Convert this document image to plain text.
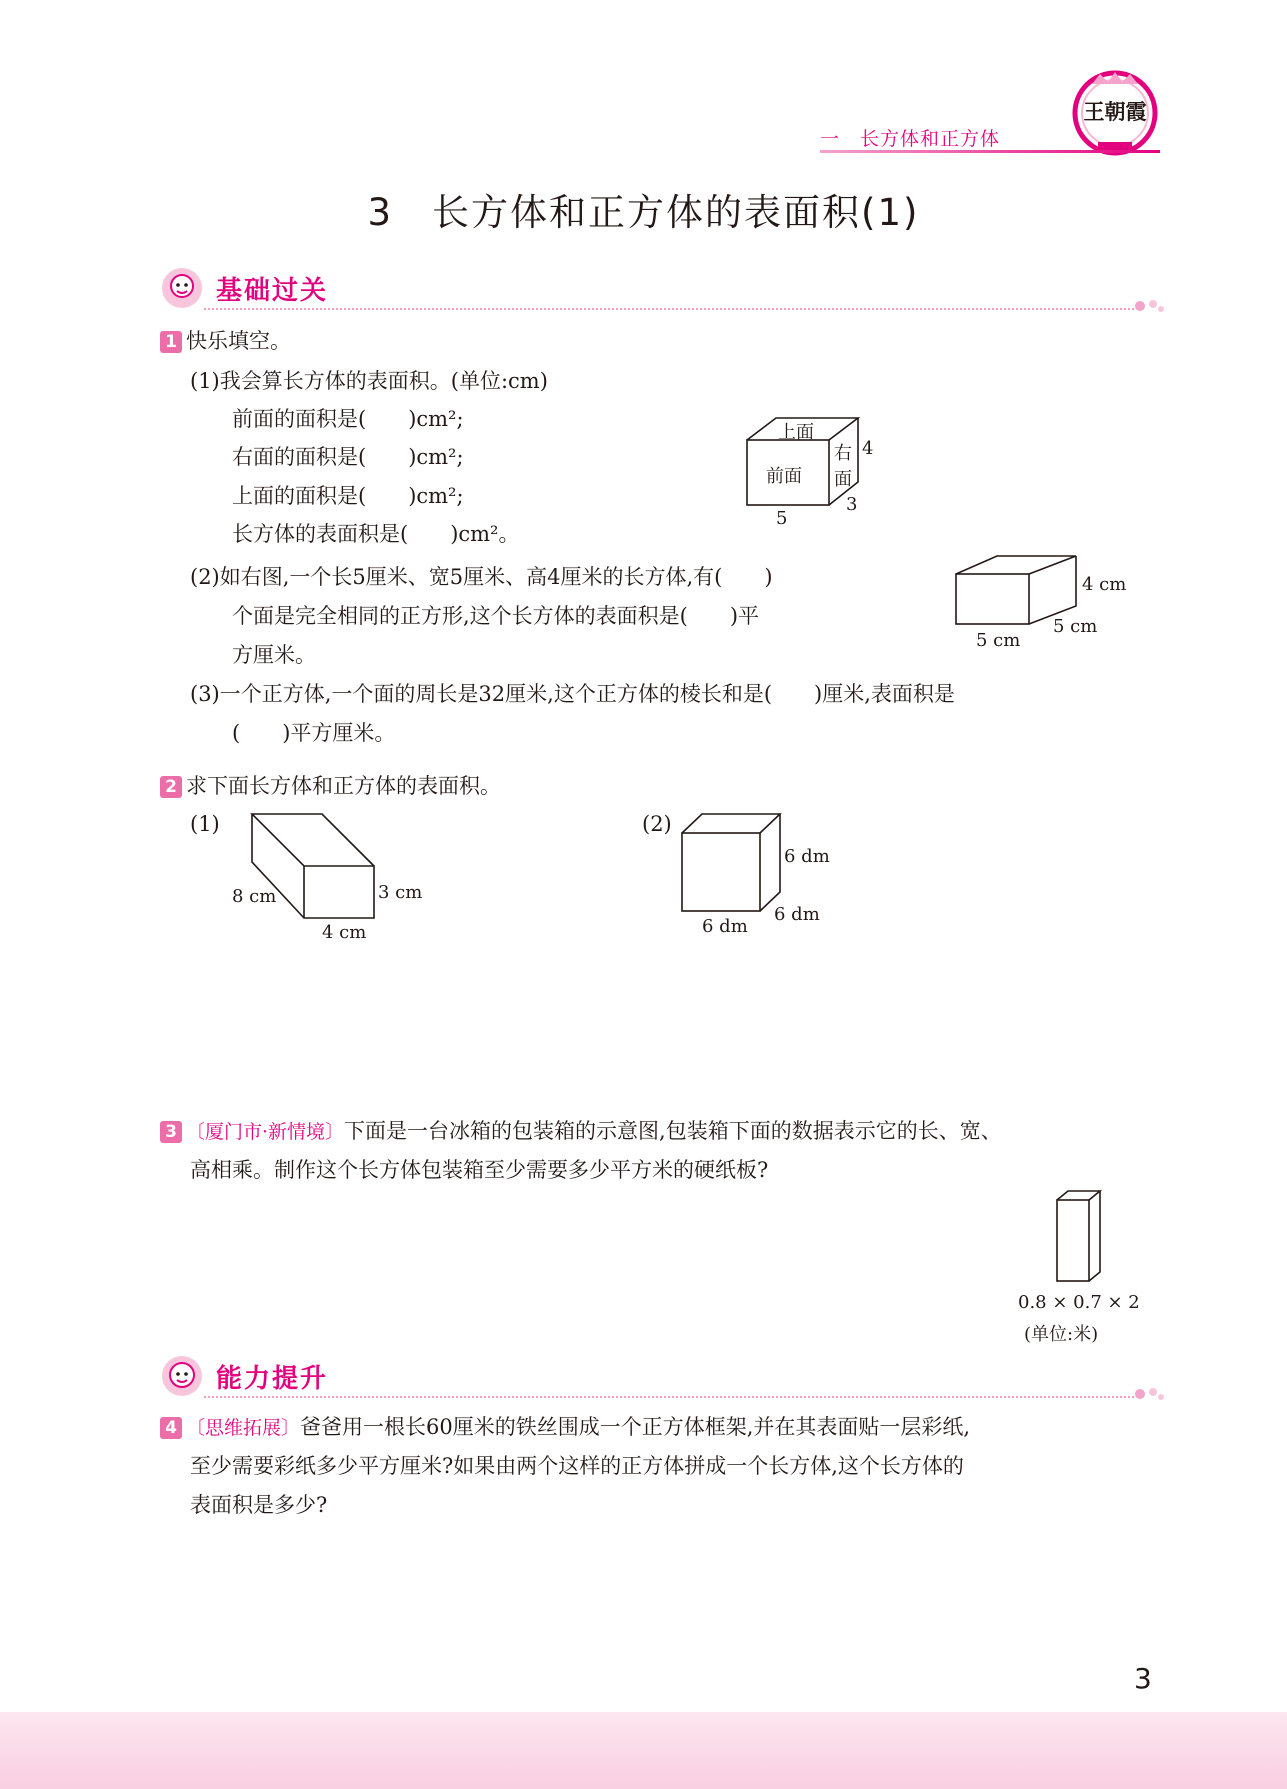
王朝霞
一　长方体和正方体
3　长方体和正方体的表面积(1)
基础过关
1 快乐填空。
(1)我会算长方体的表面积。(单位:cm)
前面的面积是(　　)cm²;
右面的面积是(　　)cm²;
上面的面积是(　　)cm²;
长方体的表面积是(　　)cm²。
上面
前面
右
面
4
3
5
(2)如右图,一个长5厘米、宽5厘米、高4厘米的长方体,有(　　)
个面是完全相同的正方形,这个长方体的表面积是(　　)平
方厘米。
4 cm
5 cm
5 cm
(3)一个正方体,一个面的周长是32厘米,这个正方体的棱长和是(　　)厘米,表面积是
(　　)平方厘米。
2 求下面长方体和正方体的表面积。
(1)
8 cm	3 cm
4 cm
(2)
6 dm
6 dm
6 dm
3 〔厦门市·新情境〕下面是一台冰箱的包装箱的示意图,包装箱下面的数据表示它的长、宽、
高相乘。制作这个长方体包装箱至少需要多少平方米的硬纸板?
0.8 × 0.7 × 2
(单位:米)
能力提升
4 〔思维拓展〕爸爸用一根长60厘米的铁丝围成一个正方体框架,并在其表面贴一层彩纸,
至少需要彩纸多少平方厘米?如果由两个这样的正方体拼成一个长方体,这个长方体的
表面积是多少?
3
